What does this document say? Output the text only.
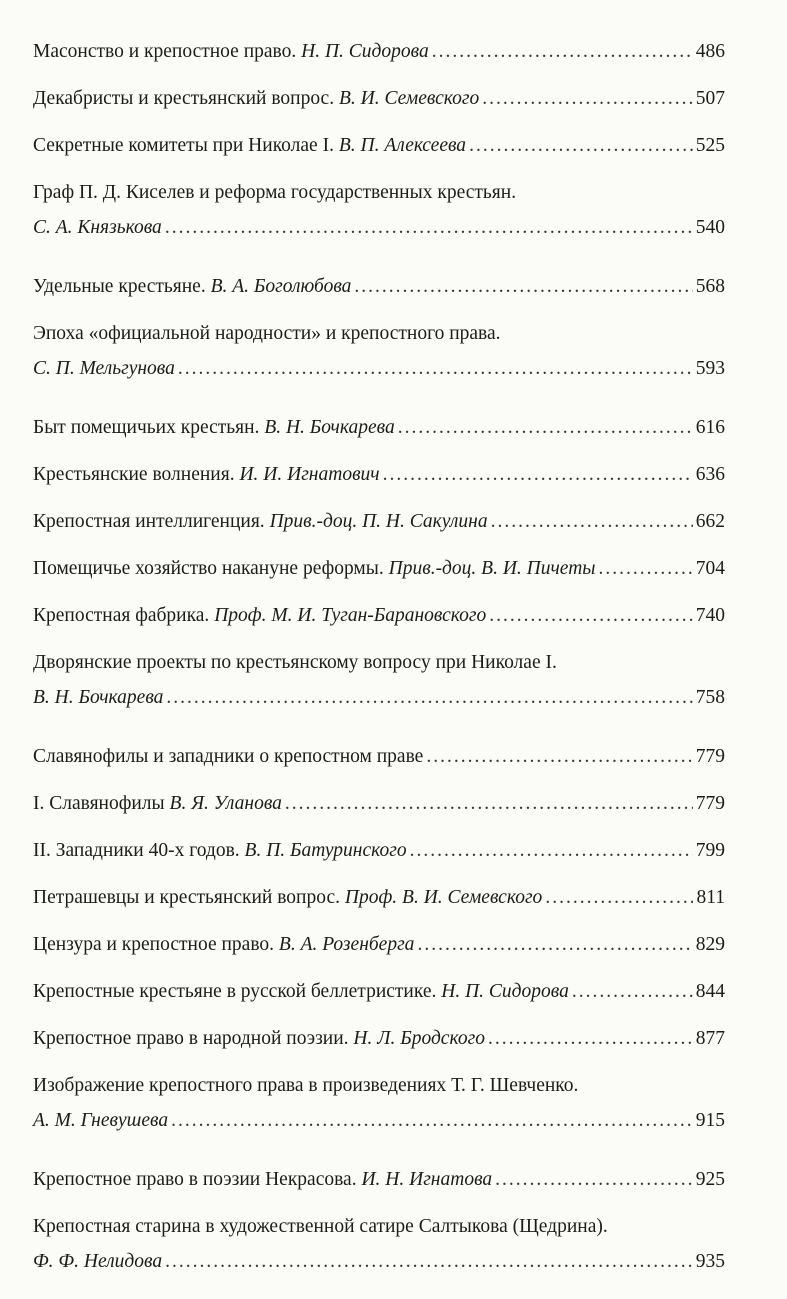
Масонство и крепостное право.
Н. П. Сидорова .....	486
Декабристы и крестьянский вопрос.
В. И. Семевского .....	507
Секретные комитеты при Николае I.
В. П. Алексеева .....	525
Граф П. Д. Киселев и реформа государственных крестьян.
С. А. Князькова .....	540
Удельные крестьяне.
В. А. Боголюбова .....	568
Эпоха «официальной народности» и крепостного права.
С. П. Мельгунова .....	593
Быт помещичьих крестьян.
В. Н. Бочкарева .....	616
Крестьянские волнения.
И. И. Игнатович .....	636
Крепостная интеллигенция.
Прив.-доц. П. Н. Сакулина .....	662
Помещичье хозяйство накануне реформы.
Прив.-доц. В. И. Пичеты .....	704
Крепостная фабрика.
Проф. М. И. Туган-Барановского .....	740
Дворянские проекты по крестьянскому вопросу при Николае I.
В. Н. Бочкарева .....	758
Славянофилы и западники о крепостном праве .....	779
I. Славянофилы
В. Я. Уланова .....	779
II. Западники 40-х годов.
В. П. Батуринского .....	799
Петрашевцы и крестьянский вопрос.
Проф. В. И. Семевского .....	811
Цензура и крепостное право.
В. А. Розенберга .....	829
Крепостные крестьяне в русской беллетристике.
Н. П. Сидорова .....	844
Крепостное право в народной поэзии.
Н. Л. Бродского .....	877
Изображение крепостного права в произведениях Т. Г. Шевченко.
А. М. Гневушева .....	915
Крепостное право в поэзии Некрасова.
И. Н. Игнатова .....	925
Крепостная старина в художественной сатире Салтыкова (Щедрина).
Ф. Ф. Нелидова .....	935
